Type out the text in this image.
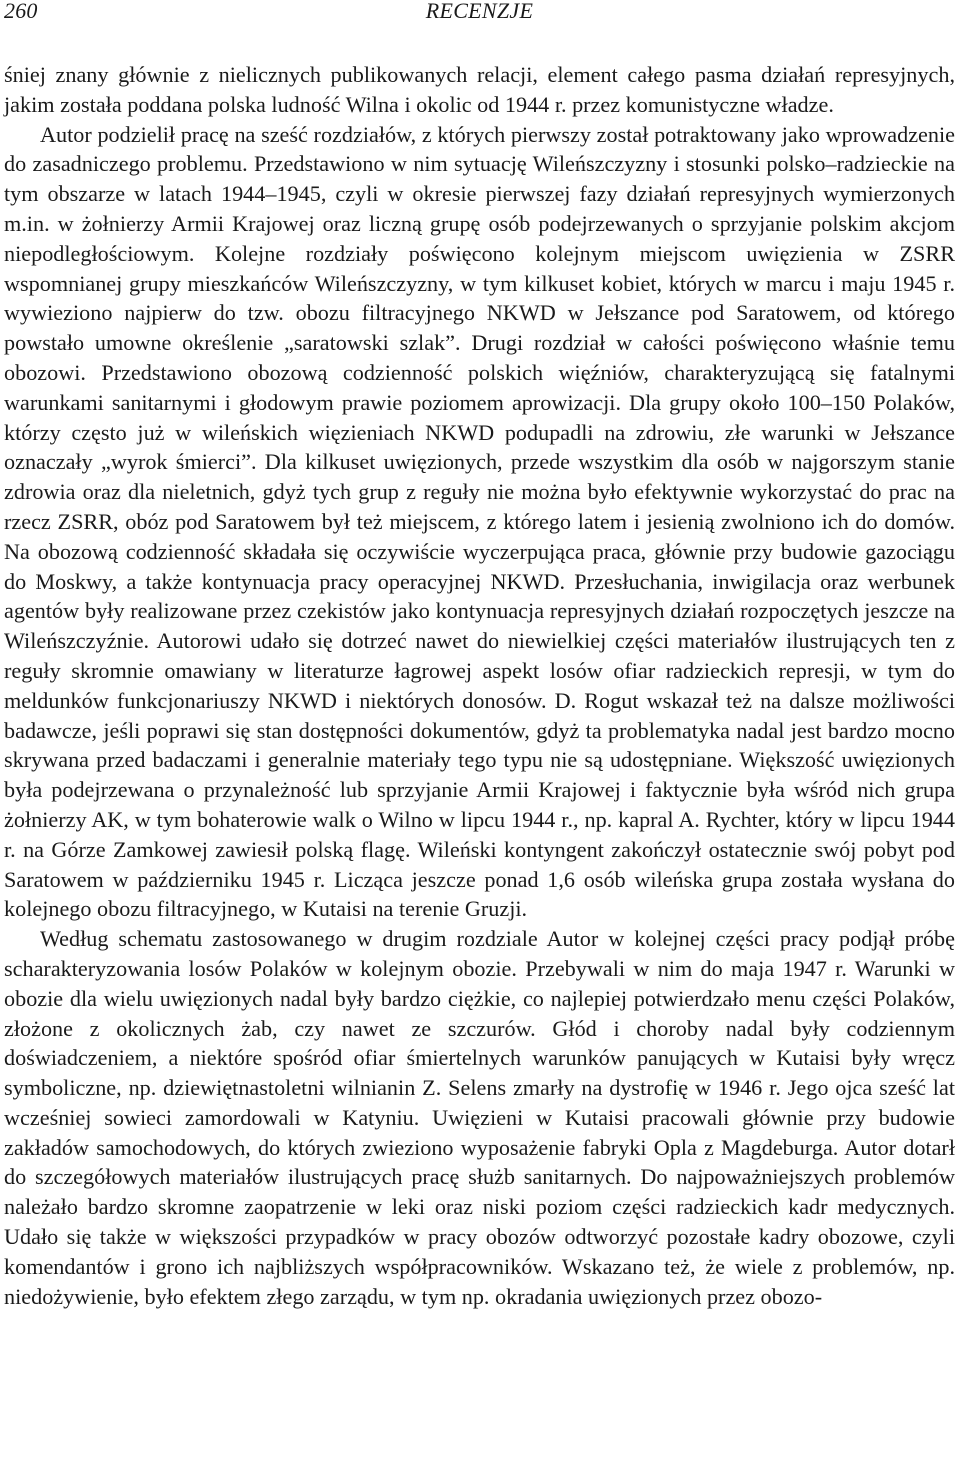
260	RECENZJE

śniej znany głównie z nielicznych publikowanych relacji, element całego pasma działań represyjnych, jakim została poddana polska ludność Wilna i okolic od 1944 r. przez komunistyczne władze.

Autor podzielił pracę na sześć rozdziałów, z których pierwszy został potraktowany jako wprowadzenie do zasadniczego problemu. Przedstawiono w nim sytuację Wileńszczyzny i stosunki polsko–radzieckie na tym obszarze w latach 1944–1945, czyli w okresie pierwszej fazy działań represyjnych wymierzonych m.in. w żołnierzy Armii Krajowej oraz liczną grupę osób podejrzewanych o sprzyjanie polskim akcjom niepodległościowym. Kolejne rozdziały poświęcono kolejnym miejscom uwięzienia w ZSRR wspomnianej grupy mieszkańców Wileńszczyzny, w tym kilkuset kobiet, których w marcu i maju 1945 r. wywieziono najpierw do tzw. obozu filtracyjnego NKWD w Jełszance pod Saratowem, od którego powstało umowne określenie „saratowski szlak”. Drugi rozdział w całości poświęcono właśnie temu obozowi. Przedstawiono obozową codzienność polskich więźniów, charakteryzującą się fatalnymi warunkami sanitarnymi i głodowym prawie poziomem aprowizacji. Dla grupy około 100–150 Polaków, którzy często już w wileńskich więzieniach NKWD podupadli na zdrowiu, złe warunki w Jełszance oznaczały „wyrok śmierci”. Dla kilkuset uwięzionych, przede wszystkim dla osób w najgorszym stanie zdrowia oraz dla nieletnich, gdyż tych grup z reguły nie można było efektywnie wykorzystać do prac na rzecz ZSRR, obóz pod Saratowem był też miejscem, z którego latem i jesienią zwolniono ich do domów. Na obozową codzienność składała się oczywiście wyczerpująca praca, głównie przy budowie gazociągu do Moskwy, a także kontynuacja pracy operacyjnej NKWD. Przesłuchania, inwigilacja oraz werbunek agentów były realizowane przez czekistów jako kontynuacja represyjnych działań rozpoczętych jeszcze na Wileńszczyźnie. Autorowi udało się dotrzeć nawet do niewielkiej części materiałów ilustrujących ten z reguły skromnie omawiany w literaturze łagrowej aspekt losów ofiar radzieckich represji, w tym do meldunków funkcjonariuszy NKWD i niektórych donosów. D. Rogut wskazał też na dalsze możliwości badawcze, jeśli poprawi się stan dostępności dokumentów, gdyż ta problematyka nadal jest bardzo mocno skrywana przed badaczami i generalnie materiały tego typu nie są udostępniane. Większość uwięzionych była podejrzewana o przynależność lub sprzyjanie Armii Krajowej i faktycznie była wśród nich grupa żołnierzy AK, w tym bohaterowie walk o Wilno w lipcu 1944 r., np. kapral A. Rychter, który w lipcu 1944 r. na Górze Zamkowej zawiesił polską flagę. Wileński kontyngent zakończył ostatecznie swój pobyt pod Saratowem w październiku 1945 r. Licząca jeszcze ponad 1,6 osób wileńska grupa została wysłana do kolejnego obozu filtracyjnego, w Kutaisi na terenie Gruzji.

Według schematu zastosowanego w drugim rozdziale Autor w kolejnej części pracy podjął próbę scharakteryzowania losów Polaków w kolejnym obozie. Przebywali w nim do maja 1947 r. Warunki w obozie dla wielu uwięzionych nadal były bardzo ciężkie, co najlepiej potwierdzało menu części Polaków, złożone z okolicznych żab, czy nawet ze szczurów. Głód i choroby nadal były codziennym doświadczeniem, a niektóre spośród ofiar śmiertelnych warunków panujących w Kutaisi były wręcz symboliczne, np. dziewiętnastoletni wilnianin Z. Selens zmarły na dystrofię w 1946 r. Jego ojca sześć lat wcześniej sowieci zamordowali w Katyniu. Uwięzieni w Kutaisi pracowali głównie przy budowie zakładów samochodowych, do których zwieziono wyposażenie fabryki Opla z Magdeburga. Autor dotarł do szczegółowych materiałów ilustrujących pracę służb sanitarnych. Do najpoważniejszych problemów należało bardzo skromne zaopatrzenie w leki oraz niski poziom części radzieckich kadr medycznych. Udało się także w większości przypadków w pracy obozów odtworzyć pozostałe kadry obozowe, czyli komendantów i grono ich najbliższych współpracowników. Wskazano też, że wiele z problemów, np. niedożywienie, było efektem złego zarządu, w tym np. okradania uwięzionych przez obozo-
